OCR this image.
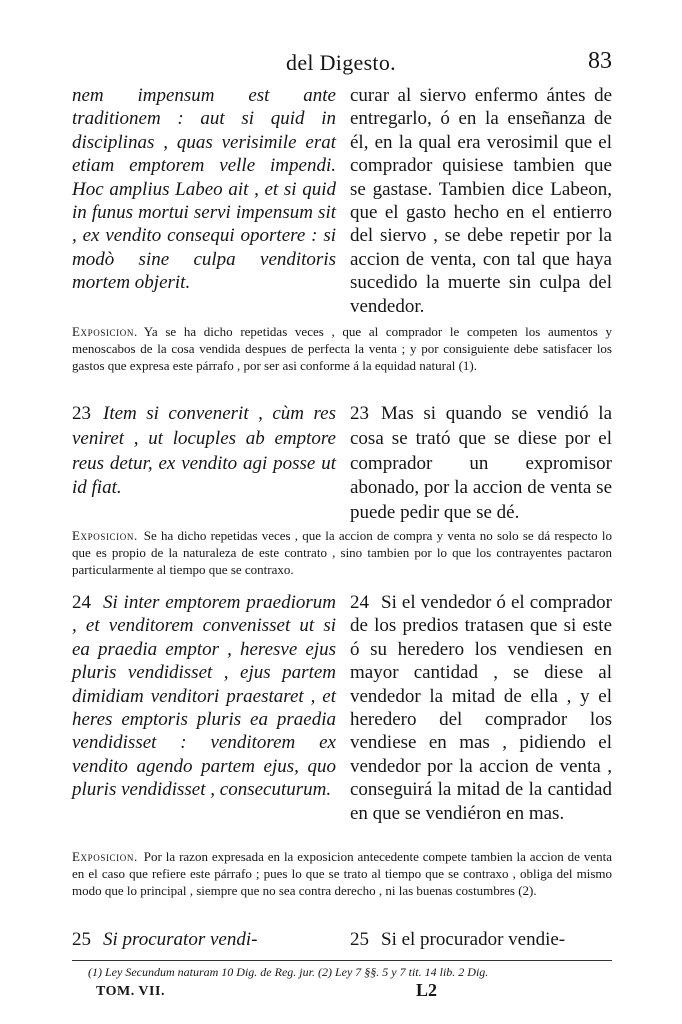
del Digesto.	83
nem impensum est ante traditionem : aut si quid in disciplinas , quas verisimile erat etiam emptorem velle impendi. Hoc amplius Labeo ait , et si quid in funus mortui servi impensum sit , ex vendito consequi oportere : si modò sine culpa venditoris mortem objerit.
curar al siervo enfermo ántes de entregarlo, ó en la enseñanza de él, en la qual era verosimil que el comprador quisiese tambien que se gastase. Tambien dice Labeon, que el gasto hecho en el entierro del siervo , se debe repetir por la accion de venta, con tal que haya sucedido la muerte sin culpa del vendedor.
Exposicion. Ya se ha dicho repetidas veces , que al comprador le competen los aumentos y menoscabos de la cosa vendida despues de perfecta la venta ; y por consiguiente debe satisfacer los gastos que expresa este párrafo , por ser asi conforme á la equidad natural (1).
23 Item si convenerit , cùm res veniret , ut locuples ab emptore reus detur, ex vendito agi posse ut id fiat.
23 Mas si quando se vendió la cosa se trató que se diese por el comprador un expromisor abonado, por la accion de venta se puede pedir que se dé.
Exposicion. Se ha dicho repetidas veces , que la accion de compra y venta no solo se dá respecto lo que es propio de la naturaleza de este contrato , sino tambien por lo que los contrayentes pactaron particularmente al tiempo que se contraxo.
24 Si inter emptorem praediorum , et venditorem convenisset ut si ea praedia emptor , heresve ejus pluris vendidisset , ejus partem dimidiam venditori praestaret , et heres emptoris pluris ea praedia vendidisset : venditorem ex vendito agendo partem ejus, quo pluris vendidisset , consecuturum.
24 Si el vendedor ó el comprador de los predios tratasen que si este ó su heredero los vendiesen en mayor cantidad , se diese al vendedor la mitad de ella , y el heredero del comprador los vendiese en mas , pidiendo el vendedor por la accion de venta , conseguirá la mitad de la cantidad en que se vendiéron en mas.
Exposicion. Por la razon expresada en la exposicion antecedente compete tambien la accion de venta en el caso que refiere este párrafo ; pues lo que se trato al tiempo que se contraxo , obliga del mismo modo que lo principal , siempre que no sea contra derecho , ni las buenas costumbres (2).
25 Si procurator vendi-	25 Si el procurador vendie-
(1) Ley Secundum naturam 10 Dig. de Reg. jur. (2) Ley 7 §§. 5 y 7 tit. 14 lib. 2 Dig.
TOM. VII.	L2
